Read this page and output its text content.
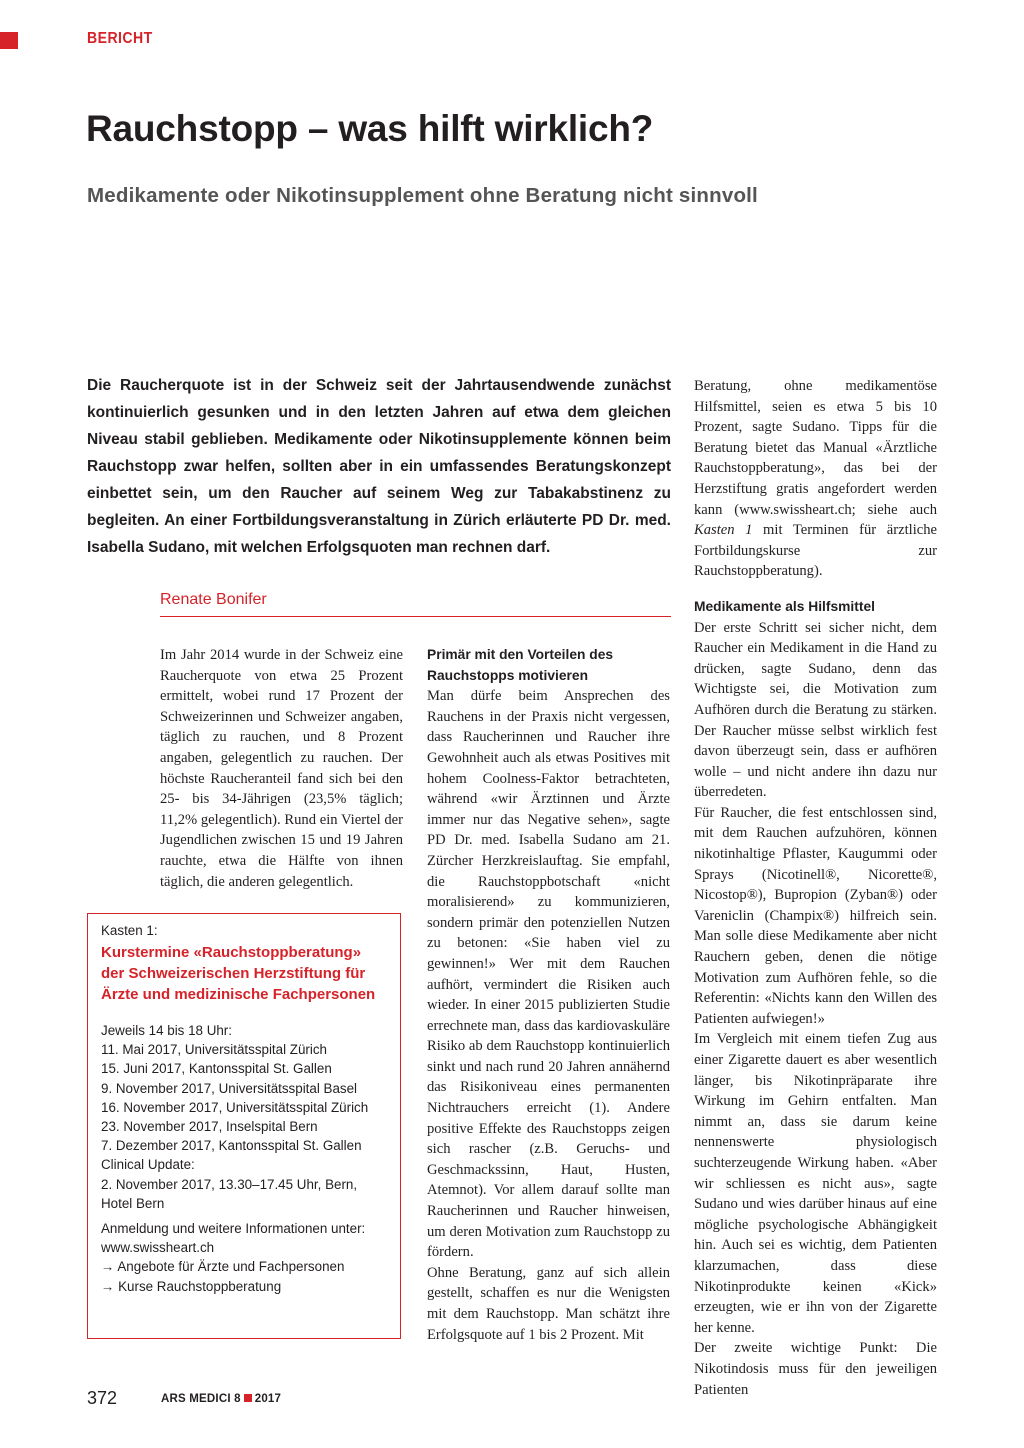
BERICHT
Rauchstopp – was hilft wirklich?
Medikamente oder Nikotinsupplement ohne Beratung nicht sinnvoll

Die Raucherquote ist in der Schweiz seit der Jahrtausendwende zunächst kontinuierlich gesunken und in den letzten Jahren auf etwa dem gleichen Niveau stabil geblieben. Medikamente oder Nikotinsupplemente können beim Rauchstopp zwar helfen, sollten aber in ein umfassendes Beratungskonzept einbettet sein, um den Raucher auf seinem Weg zur Tabakabstinenz zu begleiten. An einer Fortbildungsveranstaltung in Zürich erläuterte PD Dr. med. Isabella Sudano, mit welchen Erfolgsquoten man rechnen darf.

Renate Bonifer

Im Jahr 2014 wurde in der Schweiz eine Raucherquote von etwa 25 Prozent ermittelt, wobei rund 17 Prozent der Schweizerinnen und Schweizer angaben, täglich zu rauchen, und 8 Prozent angaben, gelegentlich zu rauchen. Der höchste Raucheranteil fand sich bei den 25- bis 34-Jährigen (23,5% täglich; 11,2% gelegentlich). Rund ein Viertel der Jugendlichen zwischen 15 und 19 Jahren rauchte, etwa die Hälfte von ihnen täglich, die anderen gelegentlich.

Primär mit den Vorteilen des Rauchstopps motivieren

Man dürfe beim Ansprechen des Rauchens in der Praxis nicht vergessen, dass Raucherinnen und Raucher ihre Gewohnheit auch als etwas Positives mit hohem Coolness-Faktor betrachteten, während «wir Ärztinnen und Ärzte immer nur das Negative sehen», sagte PD Dr. med. Isabella Sudano am 21. Zürcher Herzkreislauftag. Sie empfahl, die Rauchstoppbotschaft «nicht moralisierend» zu kommunizieren, sondern primär den potenziellen Nutzen zu betonen: «Sie haben viel zu gewinnen!» Wer mit dem Rauchen aufhört, vermindert die Risiken auch wieder. In einer 2015 publizierten Studie errechnete man, dass das kardiovaskuläre Risiko ab dem Rauchstopp kontinuierlich sinkt und nach rund 20 Jahren annähernd das Risikoniveau eines permanenten Nichtrauchers erreicht (1). Andere positive Effekte des Rauchstopps zeigen sich rascher (z.B. Geruchs- und Geschmackssinn, Haut, Husten, Atemnot). Vor allem darauf sollte man Raucherinnen und Raucher hinweisen, um deren Motivation zum Rauchstopp zu fördern.

Ohne Beratung, ganz auf sich allein gestellt, schaffen es nur die Wenigsten mit dem Rauchstopp. Man schätzt ihre Erfolgsquote auf 1 bis 2 Prozent. Mit

Beratung, ohne medikamentöse Hilfsmittel, seien es etwa 5 bis 10 Prozent, sagte Sudano. Tipps für die Beratung bietet das Manual «Ärztliche Rauchstoppberatung», das bei der Herzstiftung gratis angefordert werden kann (www.swissheart.ch; siehe auch Kasten 1 mit Terminen für ärztliche Fortbildungskurse zur Rauchstoppberatung).

Medikamente als Hilfsmittel

Der erste Schritt sei sicher nicht, dem Raucher ein Medikament in die Hand zu drücken, sagte Sudano, denn das Wichtigste sei, die Motivation zum Aufhören durch die Beratung zu stärken. Der Raucher müsse selbst wirklich fest davon überzeugt sein, dass er aufhören wolle – und nicht andere ihn dazu nur überredeten.

Für Raucher, die fest entschlossen sind, mit dem Rauchen aufzuhören, können nikotinhaltige Pflaster, Kaugummi oder Sprays (Nicotinell®, Nicorette®, Nicostop®), Bupropion (Zyban®) oder Vareniclin (Champix®) hilfreich sein. Man solle diese Medikamente aber nicht Rauchern geben, denen die nötige Motivation zum Aufhören fehle, so die Referentin: «Nichts kann den Willen des Patienten aufwiegen!»

Im Vergleich mit einem tiefen Zug aus einer Zigarette dauert es aber wesentlich länger, bis Nikotinpräparate ihre Wirkung im Gehirn entfalten. Man nimmt an, dass sie darum keine nennenswerte physiologisch suchterzeugende Wirkung haben. «Aber wir schliessen es nicht aus», sagte Sudano und wies darüber hinaus auf eine mögliche psychologische Abhängigkeit hin. Auch sei es wichtig, dem Patienten klarzumachen, dass diese Nikotinprodukte keinen «Kick» erzeugten, wie er ihn von der Zigarette her kenne.

Der zweite wichtige Punkt: Die Nikotindosis muss für den jeweiligen Patienten

Kasten 1:

Kurstermine «Rauchstoppberatung»
der Schweizerischen Herzstiftung für
Ärzte und medizinische Fachpersonen

Jeweils 14 bis 18 Uhr:

11. Mai 2017, Universitätsspital Zürich

15. Juni 2017, Kantonsspital St. Gallen

9. November 2017, Universitätsspital Basel

16. November 2017, Universitätsspital Zürich

23. November 2017, Inselspital Bern

7. Dezember 2017, Kantonsspital St. Gallen

Clinical Update:

2. November 2017, 13.30–17.45 Uhr, Bern,

Hotel Bern

Anmeldung und weitere Informationen unter:

www.swissheart.ch

→ Angebote für Ärzte und Fachpersonen

→ Kurse Rauchstoppberatung

372	ARS MEDICI 8 2017
